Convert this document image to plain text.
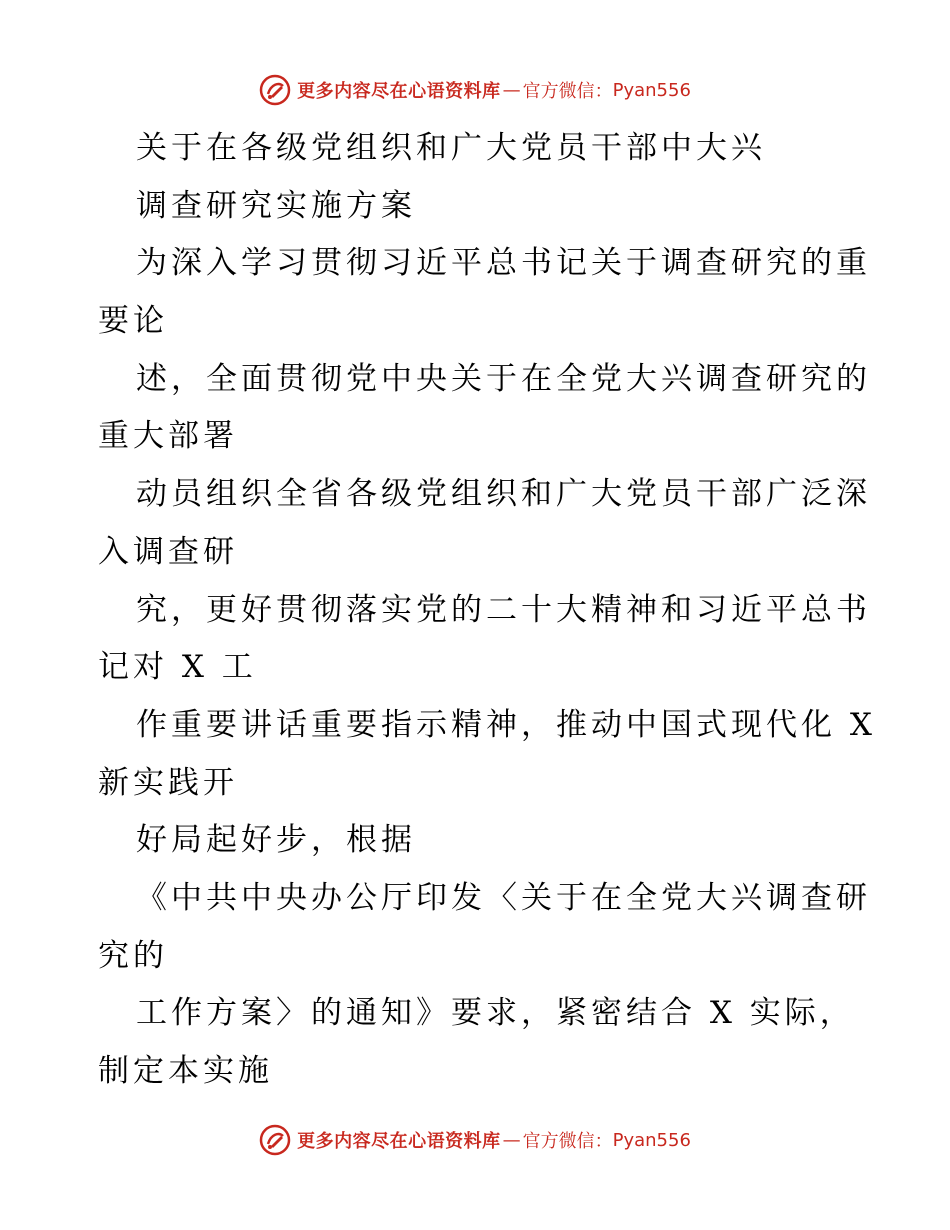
更多内容尽在心语资料库 — 官方微信： Pyan556
关于在各级党组织和广大党员干部中大兴
调查研究实施方案
为深入学习贯彻习近平总书记关于调查研究的重
要论
述，全面贯彻党中央关于在全党大兴调查研究的
重大部署
动员组织全省各级党组织和广大党员干部广泛深
入调查研
究，更好贯彻落实党的二十大精神和习近平总书
记对 X 工
作重要讲话重要指示精神，推动中国式现代化 X
新实践开
好局起好步，根据
《中共中央办公厅印发〈关于在全党大兴调查研
究的
工作方案〉的通知》要求，紧密结合 X 实际，
制定本实施
更多内容尽在心语资料库 — 官方微信： Pyan556
